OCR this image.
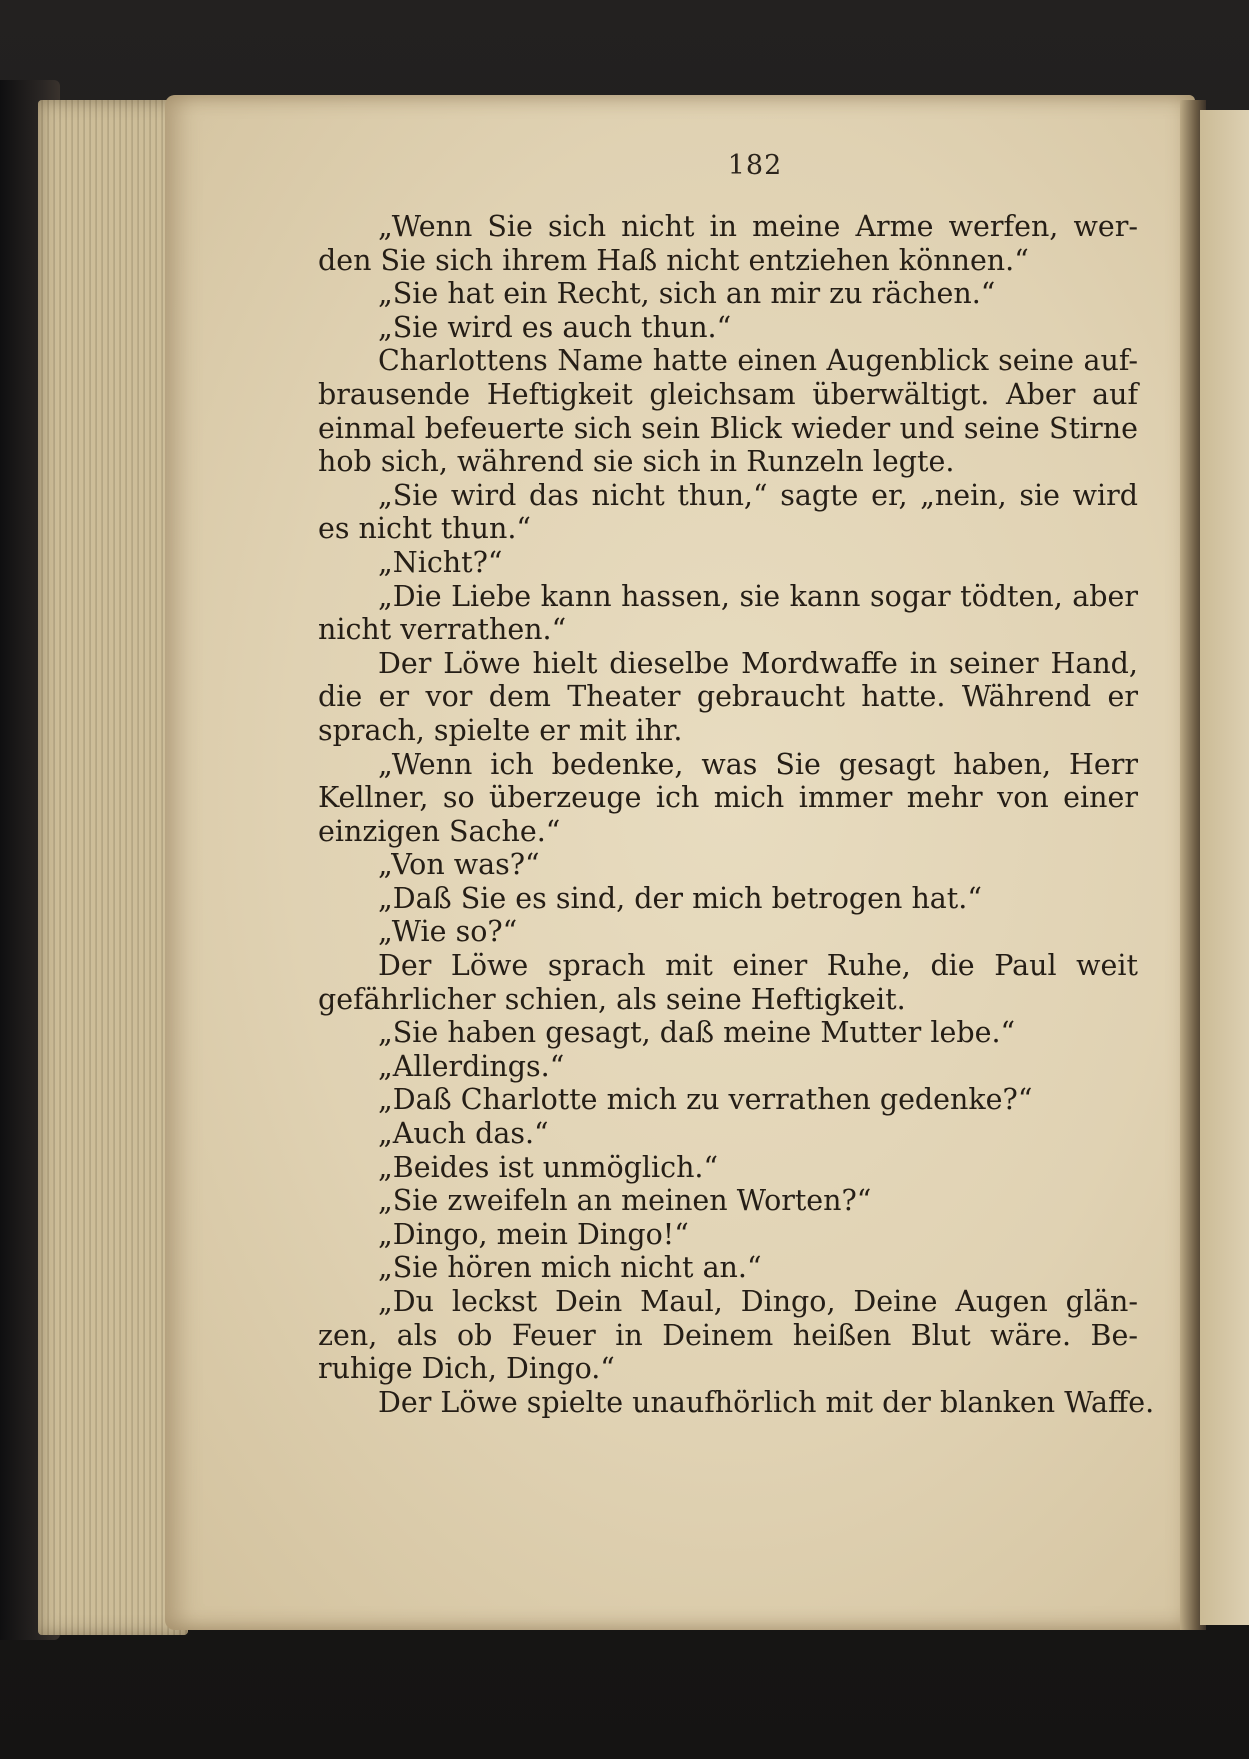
182
„Wenn Sie sich nicht in meine Arme werfen, wer-
den Sie sich ihrem Haß nicht entziehen können.“
„Sie hat ein Recht, sich an mir zu rächen.“
„Sie wird es auch thun.“
Charlottens Name hatte einen Augenblick seine auf-
brausende Heftigkeit gleichsam überwältigt. Aber auf
einmal befeuerte sich sein Blick wieder und seine Stirne
hob sich, während sie sich in Runzeln legte.
„Sie wird das nicht thun,“ sagte er, „nein, sie wird
es nicht thun.“
„Nicht?“
„Die Liebe kann hassen, sie kann sogar tödten, aber
nicht verrathen.“
Der Löwe hielt dieselbe Mordwaffe in seiner Hand,
die er vor dem Theater gebraucht hatte. Während er
sprach, spielte er mit ihr.
„Wenn ich bedenke, was Sie gesagt haben, Herr
Kellner, so überzeuge ich mich immer mehr von einer
einzigen Sache.“
„Von was?“
„Daß Sie es sind, der mich betrogen hat.“
„Wie so?“
Der Löwe sprach mit einer Ruhe, die Paul weit
gefährlicher schien, als seine Heftigkeit.
„Sie haben gesagt, daß meine Mutter lebe.“
„Allerdings.“
„Daß Charlotte mich zu verrathen gedenke?“
„Auch das.“
„Beides ist unmöglich.“
„Sie zweifeln an meinen Worten?“
„Dingo, mein Dingo!“
„Sie hören mich nicht an.“
„Du leckst Dein Maul, Dingo, Deine Augen glän-
zen, als ob Feuer in Deinem heißen Blut wäre. Be-
ruhige Dich, Dingo.“
Der Löwe spielte unaufhörlich mit der blanken Waffe.
